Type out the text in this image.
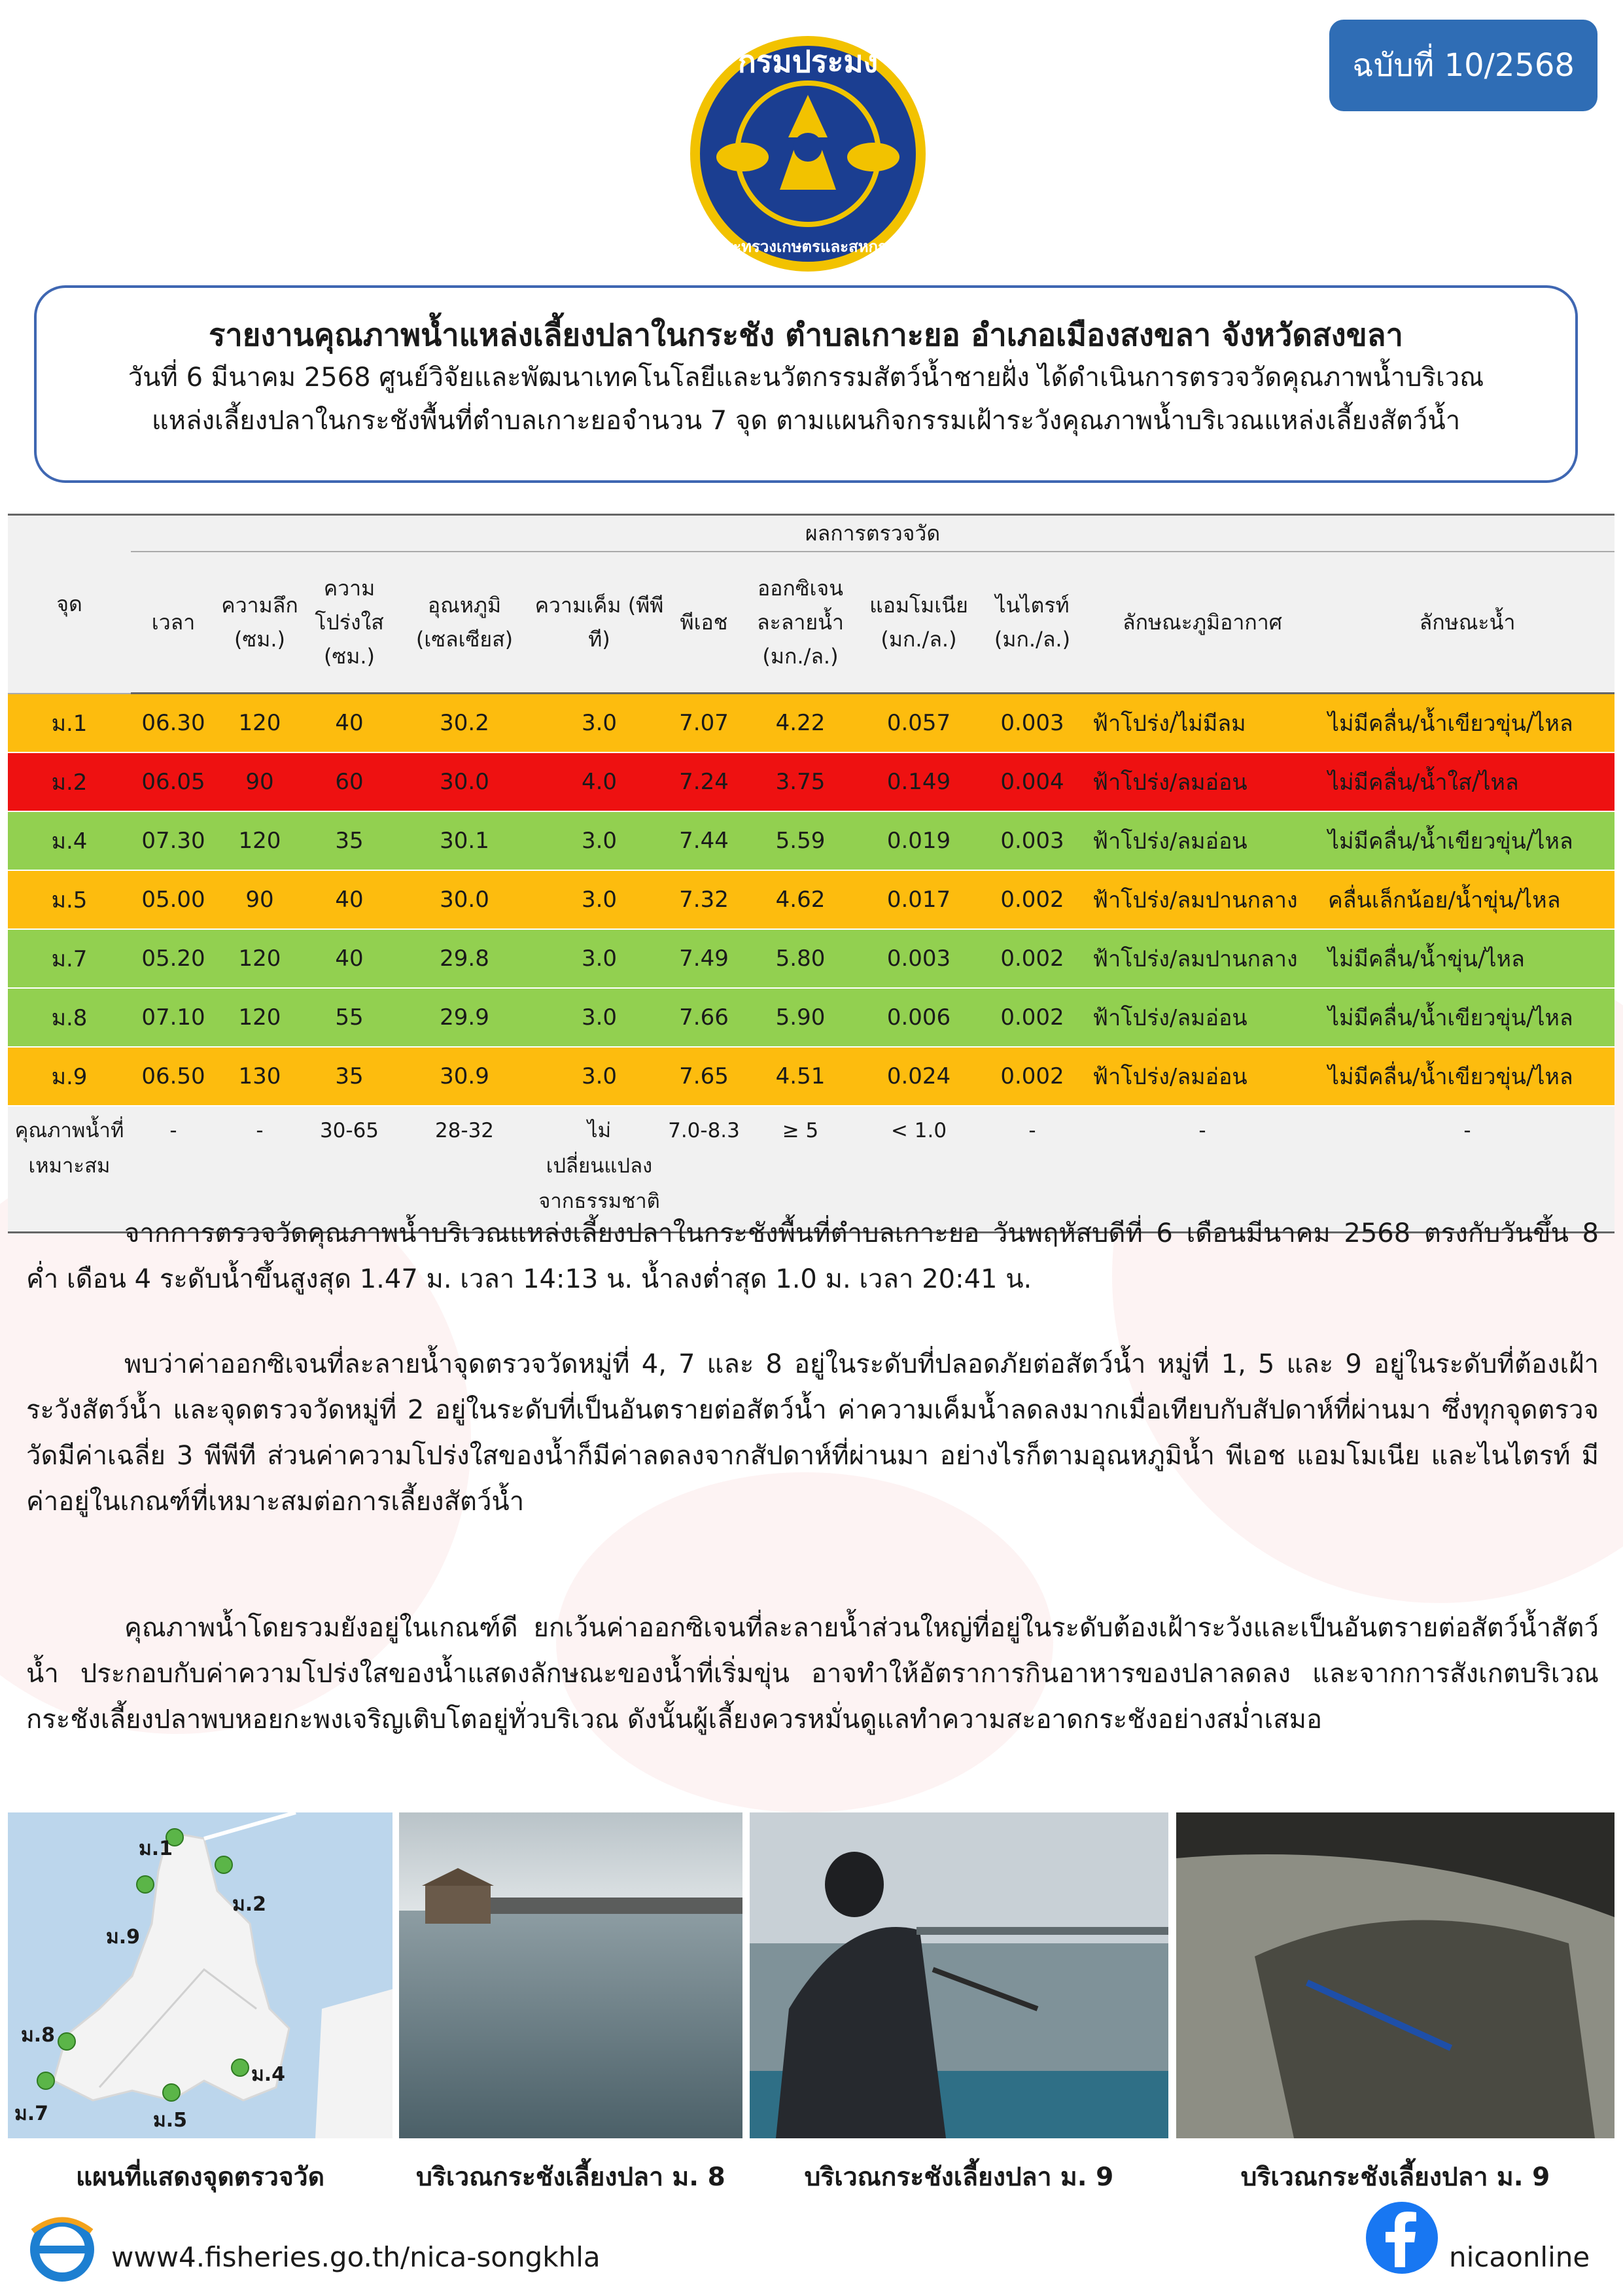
กรมประมง
กระทรวงเกษตรและสหกรณ์
ฉบับที่ 10/2568
รายงานคุณภาพน้ำแหล่งเลี้ยงปลาในกระชัง ตำบลเกาะยอ อำเภอเมืองสงขลา จังหวัดสงขลา
วันที่ 6 มีนาคม 2568 ศูนย์วิจัยและพัฒนาเทคโนโลยีและนวัตกรรมสัตว์น้ำชายฝั่ง ได้ดำเนินการตรวจวัดคุณภาพน้ำบริเวณ
แหล่งเลี้ยงปลาในกระชังพื้นที่ตำบลเกาะยอจำนวน 7 จุด ตามแผนกิจกรรมเฝ้าระวังคุณภาพน้ำบริเวณแหล่งเลี้ยงสัตว์น้ำ
จุด	ผลการตรวจวัด										
	เวลา	ความลึก (ซม.)	ความโปร่งใส (ซม.)	อุณหภูมิ (เซลเซียส)	ความเค็ม (พีพีที)	พีเอช	ออกซิเจนละลายน้ำ (มก./ล.)	แอมโมเนีย (มก./ล.)	ไนไตรท์ (มก./ล.)	ลักษณะภูมิอากาศ	ลักษณะน้ำ
ม.1	06.30	120	40	30.2	3.0	7.07	4.22	0.057	0.003	ฟ้าโปร่ง/ไม่มีลม	ไม่มีคลื่น/น้ำเขียวขุ่น/ไหล
ม.2	06.05	90	60	30.0	4.0	7.24	3.75	0.149	0.004	ฟ้าโปร่ง/ลมอ่อน	ไม่มีคลื่น/น้ำใส/ไหล
ม.4	07.30	120	35	30.1	3.0	7.44	5.59	0.019	0.003	ฟ้าโปร่ง/ลมอ่อน	ไม่มีคลื่น/น้ำเขียวขุ่น/ไหล
ม.5	05.00	90	40	30.0	3.0	7.32	4.62	0.017	0.002	ฟ้าโปร่ง/ลมปานกลาง	คลื่นเล็กน้อย/น้ำขุ่น/ไหล
ม.7	05.20	120	40	29.8	3.0	7.49	5.80	0.003	0.002	ฟ้าโปร่ง/ลมปานกลาง	ไม่มีคลื่น/น้ำขุ่น/ไหล
ม.8	07.10	120	55	29.9	3.0	7.66	5.90	0.006	0.002	ฟ้าโปร่ง/ลมอ่อน	ไม่มีคลื่น/น้ำเขียวขุ่น/ไหล
ม.9	06.50	130	35	30.9	3.0	7.65	4.51	0.024	0.002	ฟ้าโปร่ง/ลมอ่อน	ไม่มีคลื่น/น้ำเขียวขุ่น/ไหล
คุณภาพน้ำที่เหมาะสม	-	-	30-65	28-32	ไม่เปลี่ยนแปลงจากธรรมชาติ	7.0-8.3	≥ 5	< 1.0	-	-	-
จากการตรวจวัดคุณภาพน้ำบริเวณแหล่งเลี้ยงปลาในกระชังพื้นที่ตำบลเกาะยอ วันพฤหัสบดีที่ 6 เดือนมีนาคม 2568 ตรงกับวันขึ้น 8 ค่ำ เดือน 4 ระดับน้ำขึ้นสูงสุด 1.47 ม. เวลา 14:13 น. น้ำลงต่ำสุด 1.0 ม. เวลา 20:41 น.
พบว่าค่าออกซิเจนที่ละลายน้ำจุดตรวจวัดหมู่ที่ 4, 7 และ 8 อยู่ในระดับที่ปลอดภัยต่อสัตว์น้ำ หมู่ที่ 1, 5 และ 9 อยู่ในระดับที่ต้องเฝ้าระวังสัตว์น้ำ และจุดตรวจวัดหมู่ที่ 2 อยู่ในระดับที่เป็นอันตรายต่อสัตว์น้ำ ค่าความเค็มน้ำลดลงมากเมื่อเทียบกับสัปดาห์ที่ผ่านมา ซึ่งทุกจุดตรวจวัดมีค่าเฉลี่ย 3 พีพีที ส่วนค่าความโปร่งใสของน้ำก็มีค่าลดลงจากสัปดาห์ที่ผ่านมา อย่างไรก็ตามอุณหภูมิน้ำ พีเอช แอมโมเนีย และไนไตรท์ มีค่าอยู่ในเกณฑ์ที่เหมาะสมต่อการเลี้ยงสัตว์น้ำ
คุณภาพน้ำโดยรวมยังอยู่ในเกณฑ์ดี ยกเว้นค่าออกซิเจนที่ละลายน้ำส่วนใหญ่ที่อยู่ในระดับต้องเฝ้าระวังและเป็นอันตรายต่อสัตว์น้ำสัตว์น้ำ ประกอบกับค่าความโปร่งใสของน้ำแสดงลักษณะของน้ำที่เริ่มขุ่น อาจทำให้อัตราการกินอาหารของปลาลดลง และจากการสังเกตบริเวณกระชังเลี้ยงปลาพบหอยกะพงเจริญเติบโตอยู่ทั่วบริเวณ ดังนั้นผู้เลี้ยงควรหมั่นดูแลทำความสะอาดกระชังอย่างสม่ำเสมอ
ม.1
ม.2
ม.9
ม.8
ม.7	ม.5
ม.4
แผนที่แสดงจุดตรวจวัด	บริเวณกระชังเลี้ยงปลา ม. 8	บริเวณกระชังเลี้ยงปลา ม. 9	บริเวณกระชังเลี้ยงปลา ม. 9
www4.fisheries.go.th/nica-songkhla	nicaonline
